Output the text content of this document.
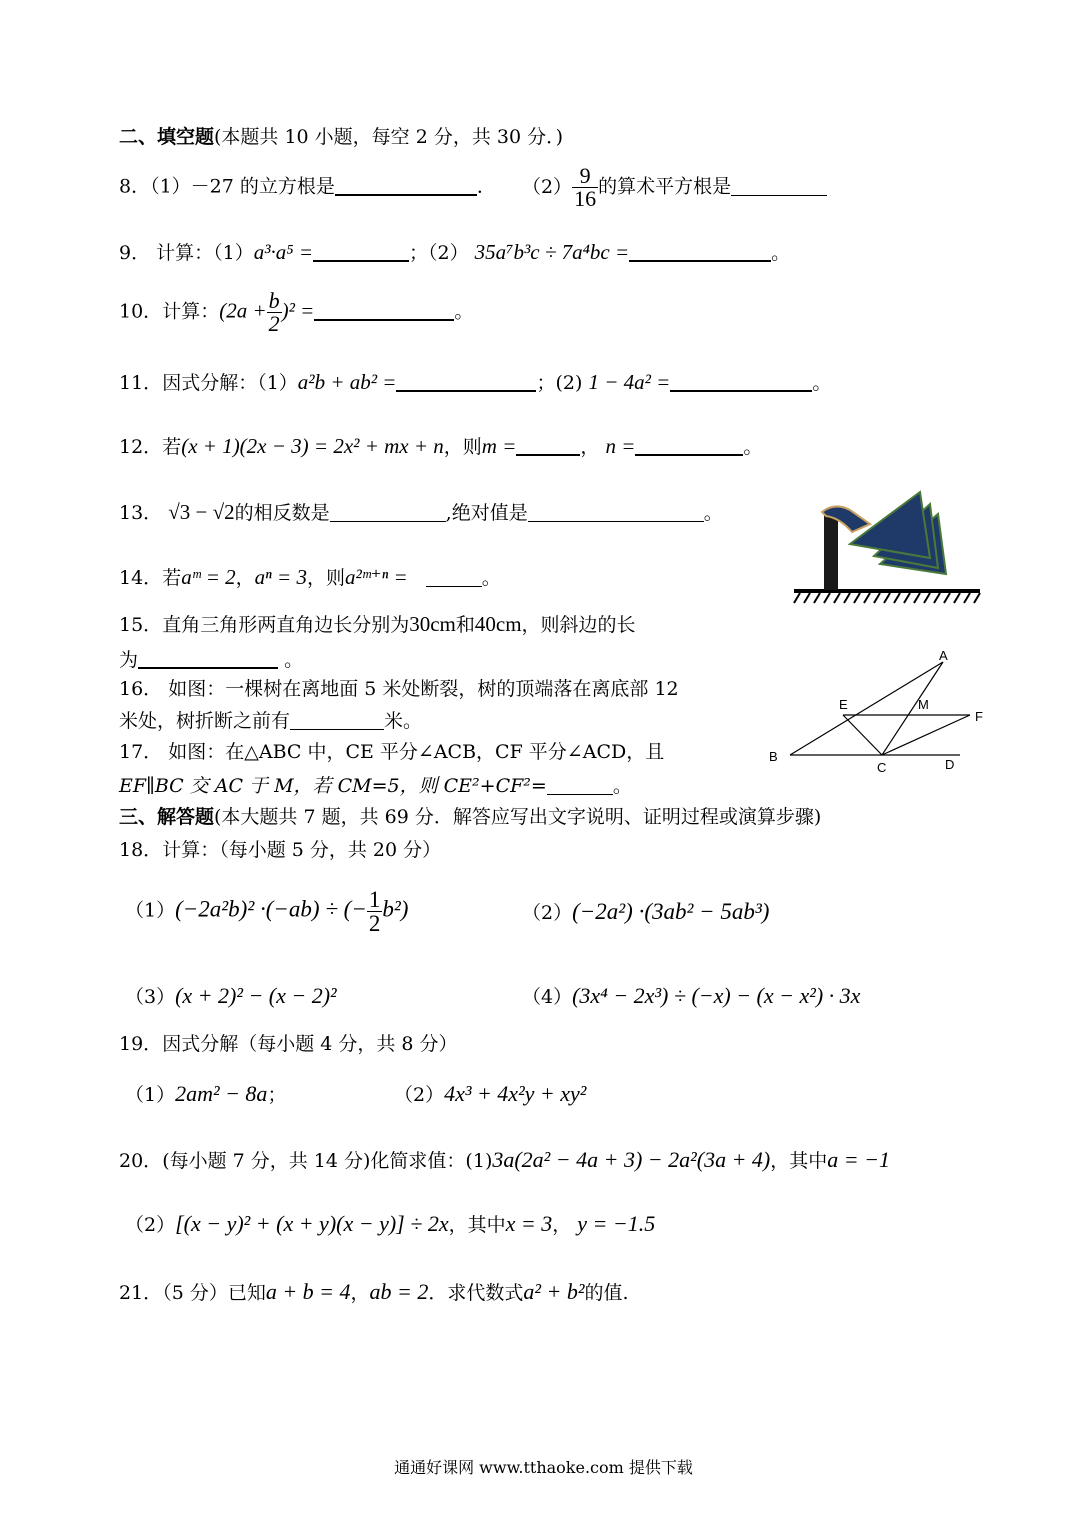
二、填空题(本题共 10 小题，每空 2 分，共 30 分．)
8．（1）－27 的立方根是	． $(2) \frac{9}{16}$ 的算术平方根是
9． 计算：（1）a³·a⁵ =	；（2） 35a⁷b³c ÷ 7a⁴bc =	。
10．计算：$(2a + \frac{b}{2} )^2$ =	。
11．因式分解：（1）a²b + ab² =	；(2) 1 − 4a² =	。
12．若(x + 1)(2x − 3) = 2x² + mx + n，则m =	， n =	。
13． √3 − √2的相反数是	,绝对值是	。
14．若aᵐ = 2，aⁿ = 3，则a²ᵐ⁺ⁿ =	。
15．直角三角形两直角边长分别为30cm和40cm，则斜边的长
为	。
16． 如图：一棵树在离地面 5 米处断裂，树的顶端落在离底部 12
米处，树折断之前有	米。
17． 如图：在△ABC 中，CE 平分∠ACB，CF 平分∠ACD，且
EF∥BC 交 AC 于 M，若 CM=5，则 CE²+CF²=	。
三、解答题(本大题共 7 题，共 69 分．解答应写出文字说明、证明过程或演算步骤)
18．计算：（每小题 5 分，共 20 分）
（1）(−2a²b)² ·(−ab) ÷ (− $\frac{1}{2} b^2$)	（2）(−2a²) ·(3ab² − 5ab³)
（3）(x + 2)² − (x − 2)²	（4）(3x⁴ − 2x³) ÷ (−x) − (x − x²) · 3x
19．因式分解（每小题 4 分，共 8 分）
（1）2am² − 8a；	（2）4x³ + 4x²y + xy²
20．(每小题 7 分，共 14 分)化简求值：(1)3a(2a² − 4a + 3) − 2a²(3a + 4)，其中a = −1
（2）[(x − y)² + (x + y)(x − y)] ÷ 2x，其中x = 3， y = −1.5
21．（5 分）已知a + b = 4，ab = 2．求代数式a² + b²的值.
A
B
C	D
E
F
M
通通好课网 www.tthaoke.com 提供下载
